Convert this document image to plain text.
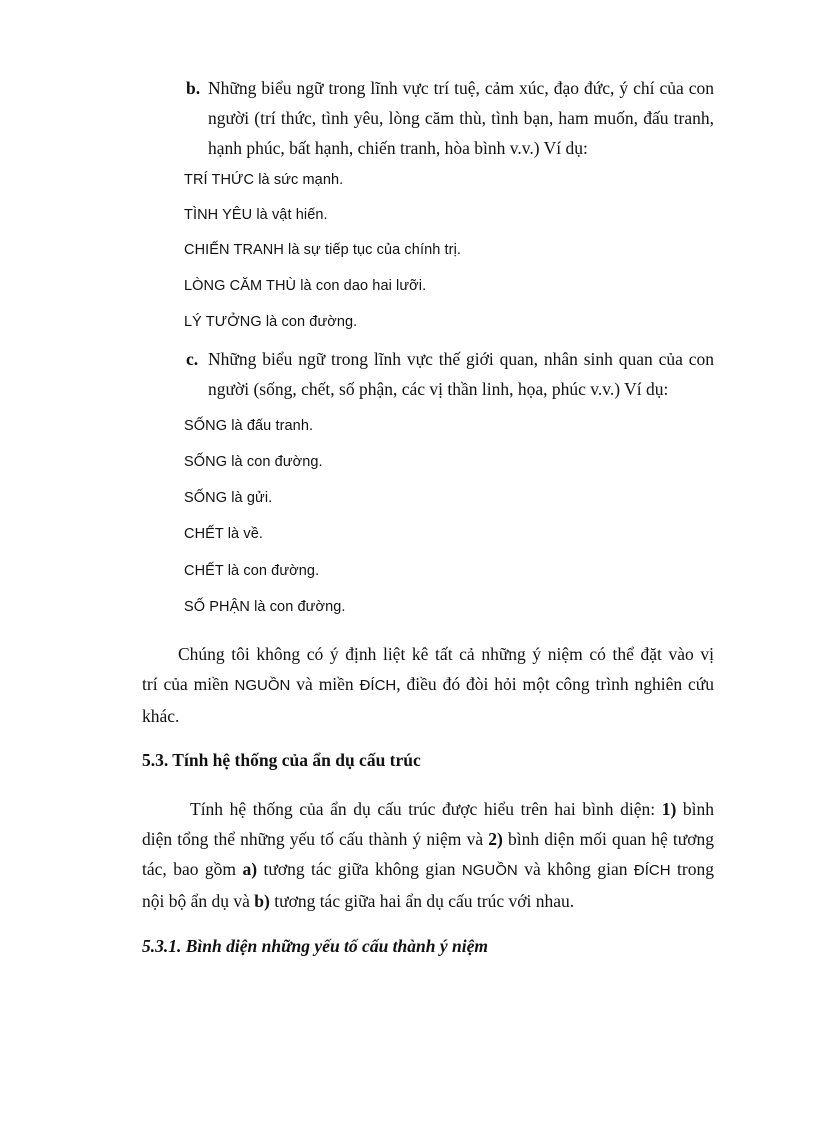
b. Những biểu ngữ trong lĩnh vực trí tuệ, cảm xúc, đạo đức, ý chí của con
người (trí thức, tình yêu, lòng căm thù, tình bạn, ham muốn, đấu tranh,
hạnh phúc, bất hạnh, chiến tranh, hòa bình v.v.) Ví dụ:
TRÍ THỨC là sức mạnh.
TÌNH YÊU là vật hiến.
CHIẾN TRANH là sự tiếp tục của chính trị.
LÒNG CĂM THÙ là con dao hai lưỡi.
LÝ TƯỞNG là con đường.
c. Những biểu ngữ trong lĩnh vực thế giới quan, nhân sinh quan của con
người (sống, chết, số phận, các vị thần linh, họa, phúc v.v.) Ví dụ:
SỐNG là đấu tranh.
SỐNG là con đường.
SỐNG là gửi.
CHẾT là về.
CHẾT là con đường.
SỐ PHẬN là con đường.
Chúng tôi không có ý định liệt kê tất cả những ý niệm có thể đặt vào vị
trí của miền NGUỒN và miền ĐÍCH, điều đó đòi hỏi một công trình nghiên cứu
khác.
5.3. Tính hệ thống của ẩn dụ cấu trúc
Tính hệ thống của ẩn dụ cấu trúc được hiểu trên hai bình diện: 1) bình
diện tổng thể những yếu tố cấu thành ý niệm và 2) bình diện mối quan hệ tương
tác, bao gồm a) tương tác giữa không gian NGUỒN và không gian ĐÍCH trong
nội bộ ẩn dụ và b) tương tác giữa hai ẩn dụ cấu trúc với nhau.
5.3.1. Bình diện những yếu tố cấu thành ý niệm
